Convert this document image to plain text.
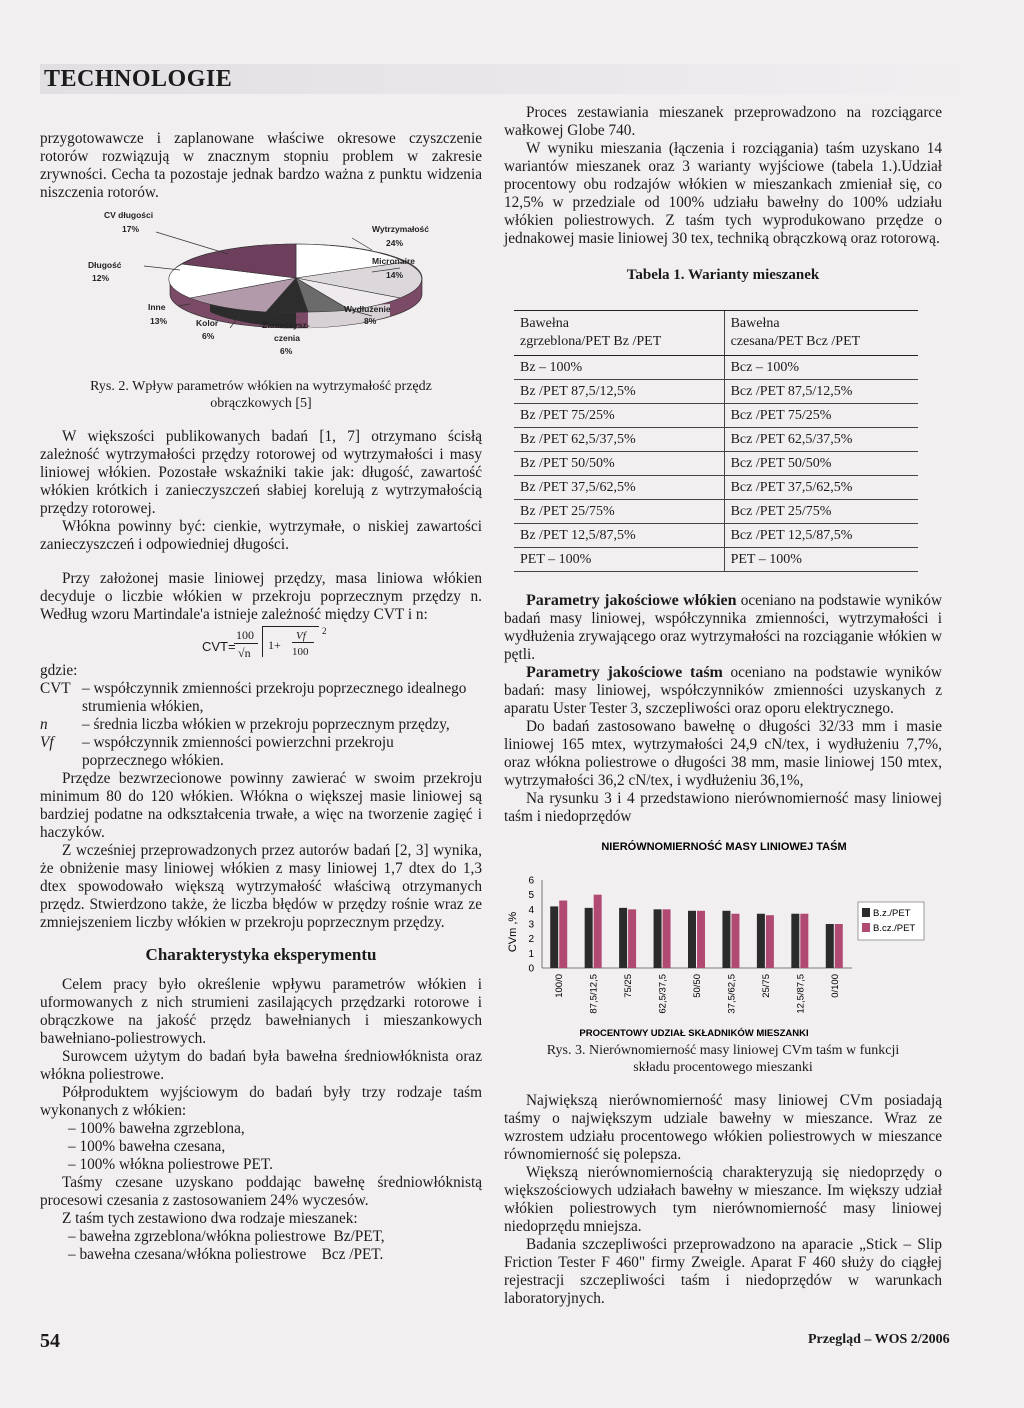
TECHNOLOGIE

przygotowawcze i zaplanowane właściwe okresowe czyszczenie rotorów rozwiązują w znacznym stopniu problem w zakresie zrywności. Cecha ta pozostaje jednak bardzo ważna z punktu widzenia niszczenia rotorów.

CV długości
17%	Wytrzymałość
24%
Micronaire
14%
Wydłużenie
8%
Zanieczysz-
czenia
6%
Kolor
6%
Inne
13%
Długość
12%
Rys. 2. Wpływ parametrów włókien na wytrzymałość przędz obrączkowych [5]

W większości publikowanych badań [1, 7] otrzymano ścisłą zależność wytrzymałości przędzy rotorowej od wytrzymałości i masy liniowej włókien. Pozostałe wskaźniki takie jak: długość, zawartość włókien krótkich i zanieczyszczeń słabiej korelują z wytrzymałością przędzy rotorowej.

Włókna powinny być: cienkie, wytrzymałe, o niskiej zawartości zanieczyszczeń i odpowiedniej długości.

Przy założonej masie liniowej przędzy, masa liniowa włókien decyduje o liczbie włókien w przekroju poprzecznym przędzy n. Według wzoru Martindale'a istnieje zależność między CVT i n:

CVT=
100
√n
1+
Vf
100
2
gdzie:
CVT – współczynnik zmienności przekroju poprzecznego idealnego strumienia włókien,
n	– średnia liczba włókien w przekroju poprzecznym przędzy,
Vf	– współczynnik zmienności powierzchni przekroju poprzecznego włókien.

Przędze bezwrzecionowe powinny zawierać w swoim przekroju minimum 80 do 120 włókien. Włókna o większej masie liniowej są bardziej podatne na odkształcenia trwałe, a więc na tworzenie zagięć i haczyków.

Z wcześniej przeprowadzonych przez autorów badań [2, 3] wynika, że obniżenie masy liniowej włókien z masy liniowej 1,7 dtex do 1,3 dtex spowodowało większą wytrzymałość właściwą otrzymanych przędz. Stwierdzono także, że liczba błędów w przędzy rośnie wraz ze zmniejszeniem liczby włókien w przekroju poprzecznym przędzy.

Charakterystyka eksperymentu

Celem pracy było określenie wpływu parametrów włókien i uformowanych z nich strumieni zasilających przędzarki rotorowe i obrączkowe na jakość przędz bawełnianych i mieszankowych bawełniano-poliestrowych.

Surowcem użytym do badań była bawełna średniowłóknista oraz włókna poliestrowe.

Półproduktem wyjściowym do badań były trzy rodzaje taśm wykonanych z włókien:

– 100% bawełna zgrzeblona,
– 100% bawełna czesana,
– 100% włókna poliestrowe PET.

Taśmy czesane uzyskano poddając bawełnę średniowłóknistą procesowi czesania z zastosowaniem 24% wyczesów.

Z taśm tych zestawiono dwa rodzaje mieszanek:

– bawełna zgrzeblona/włókna poliestrowe Bz/PET,
– bawełna czesana/włókna poliestrowe Bcz /PET.

Proces zestawiania mieszanek przeprowadzono na rozciągarce wałkowej Globe 740.

W wyniku mieszania (łączenia i rozciągania) taśm uzyskano 14 wariantów mieszanek oraz 3 warianty wyjściowe (tabela 1.).Udział procentowy obu rodzajów włókien w mieszankach zmieniał się, co 12,5% w przedziale od 100% udziału bawełny do 100% udziału włókien poliestrowych. Z taśm tych wyprodukowano przędze o jednakowej masie liniowej 30 tex, techniką obrączkową oraz rotorową.

Tabela 1. Warianty mieszanek
Bawełna
zgrzeblona/PET Bz /PET	Bawełna
czesana/PET Bcz /PET
Bz – 100%	Bcz – 100%
Bz /PET 87,5/12,5%	Bcz /PET 87,5/12,5%
Bz /PET 75/25%	Bcz /PET 75/25%
Bz /PET 62,5/37,5%	Bcz /PET 62,5/37,5%
Bz /PET 50/50%	Bcz /PET 50/50%
Bz /PET 37,5/62,5%	Bcz /PET 37,5/62,5%
Bz /PET 25/75%	Bcz /PET 25/75%
Bz /PET 12,5/87,5%	Bcz /PET 12,5/87,5%
PET – 100%	PET – 100%

Parametry jakościowe włókien oceniano na podstawie wyników badań masy liniowej, współczynnika zmienności, wytrzymałości i wydłużenia zrywającego oraz wytrzymałości na rozciąganie włókien w pętli.

Parametry jakościowe taśm oceniano na podstawie wyników badań: masy liniowej, współczynników zmienności uzyskanych z aparatu Uster Tester 3, szczepliwości oraz oporu elektrycznego.

Do badań zastosowano bawełnę o długości 32/33 mm i masie liniowej 165 mtex, wytrzymałości 24,9 cN/tex, i wydłużeniu 7,7%, oraz włókna poliestrowe o długości 38 mm, masie liniowej 150 mtex, wytrzymałości 36,2 cN/tex, i wydłużeniu 36,1%,

Na rysunku 3 i 4 przedstawiono nierównomierność masy liniowej taśm i niedoprzędów

NIERÓWNOMIERNOŚĆ MASY LINIOWEJ TAŚM
CVm ,%
PROCENTOWY UDZIAŁ SKŁADNIKÓW MIESZANKI
0
1
2
3
4
5
6
100/0 87,5/12,5 75/25 62,5/37,5 50/50 37,5/62,5 25/75 12,5/87,5 0/100
B.z./PET
B.cz./PET
Rys. 3. Nierównomierność masy liniowej CVm taśm w funkcji składu procentowego mieszanki

Największą nierównomierność masy liniowej CVm posiadają taśmy o największym udziale bawełny w mieszance. Wraz ze wzrostem udziału procentowego włókien poliestrowych w mieszance równomierność się polepsza.

Większą nierównomiernością charakteryzują się niedoprzędy o większościowych udziałach bawełny w mieszance. Im większy udział włókien poliestrowych tym nierównomierność masy liniowej niedoprzędu mniejsza.

Badania szczepliwości przeprowadzono na aparacie „Stick – Slip Friction Tester F 460" firmy Zweigle. Aparat F 460 służy do ciągłej rejestracji szczepliwości taśm i niedoprzędów w warunkach laboratoryjnych.

54	Przegląd – WOS 2/2006
